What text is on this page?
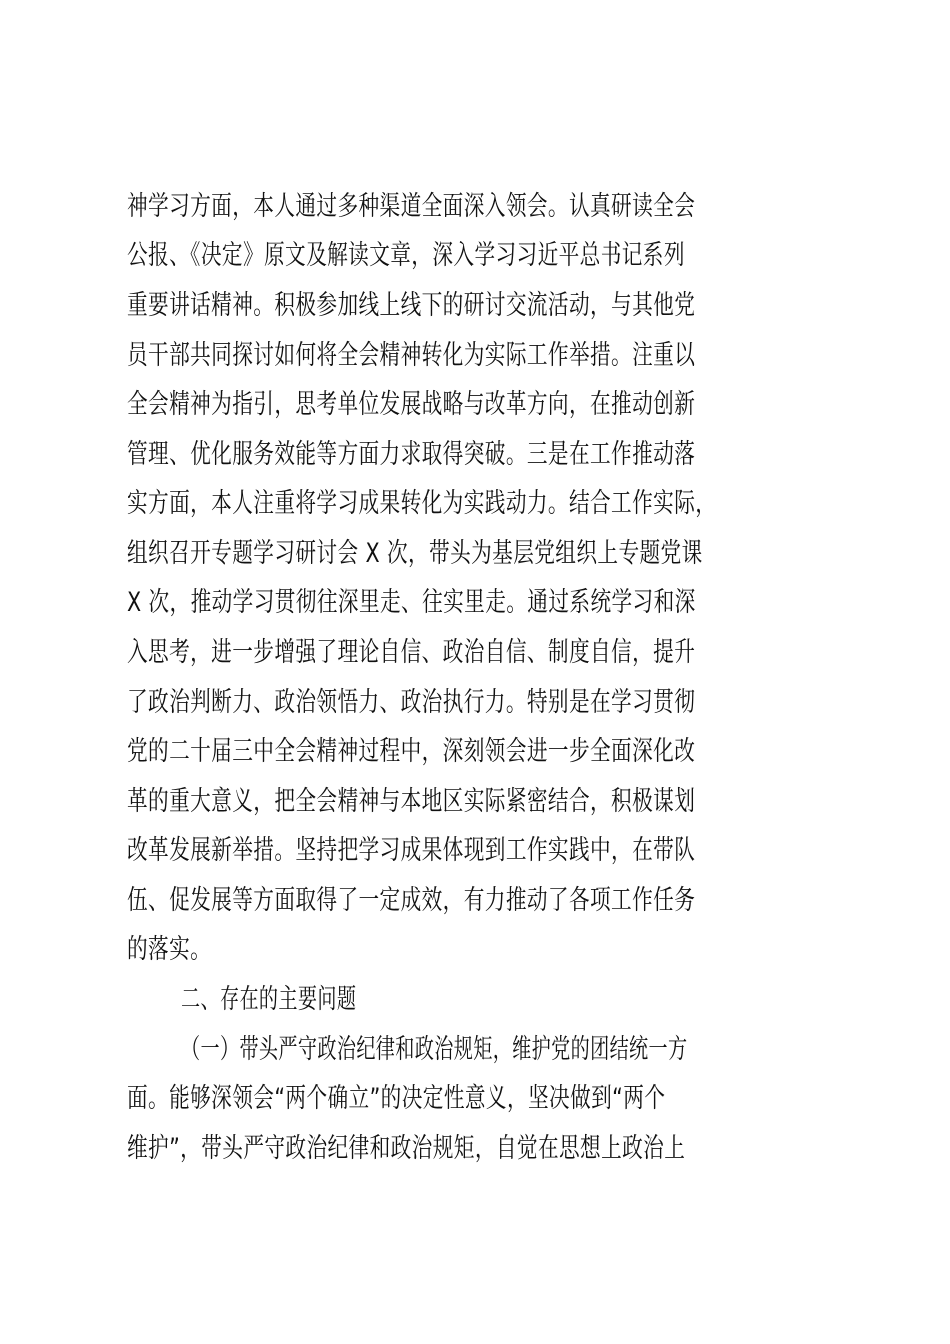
神学习方面，本人通过多种渠道全面深入领会。认真研读全会
公报、《决定》原文及解读文章，深入学习习近平总书记系列
重要讲话精神。积极参加线上线下的研讨交流活动，与其他党
员干部共同探讨如何将全会精神转化为实际工作举措。注重以
全会精神为指引，思考单位发展战略与改革方向，在推动创新
管理、优化服务效能等方面力求取得突破。三是在工作推动落
实方面，本人注重将学习成果转化为实践动力。结合工作实际，
组织召开专题学习研讨会 X 次，带头为基层党组织上专题党课
X 次，推动学习贯彻往深里走、往实里走。通过系统学习和深
入思考，进一步增强了理论自信、政治自信、制度自信，提升
了政治判断力、政治领悟力、政治执行力。特别是在学习贯彻
党的二十届三中全会精神过程中，深刻领会进一步全面深化改
革的重大意义，把全会精神与本地区实际紧密结合，积极谋划
改革发展新举措。坚持把学习成果体现到工作实践中，在带队
伍、促发展等方面取得了一定成效，有力推动了各项工作任务
的落实。
二、存在的主要问题
（一）带头严守政治纪律和政治规矩，维护党的团结统一方
面。能够深领会“两个确立”的决定性意义，坚决做到“两个
维护”，带头严守政治纪律和政治规矩，自觉在思想上政治上
